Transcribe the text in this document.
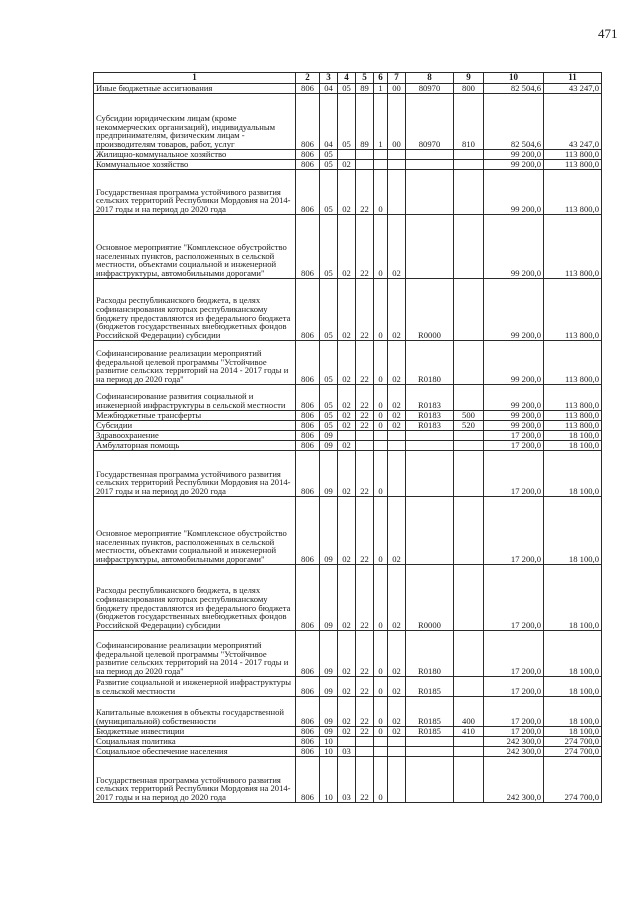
471
1	2	3	4	5	6	7	8	9	10	11
Иные бюджетные ассигнования	806	04	05	89	1	00	80970	800	82 504,6	43 247,0
Субсидии юридическим лицам (кроме некоммерческих организаций), индивидуальным предпринимателям, физическим лицам - производителям товаров, работ, услуг	806	04	05	89	1	00	80970	810	82 504,6	43 247,0
Жилищно-коммунальное хозяйство	806	05							99 200,0	113 800,0
Коммунальное хозяйство	806	05	02						99 200,0	113 800,0
Государственная программа устойчивого развития сельских территорий Республики Мордовия на 2014-2017 годы и на период до 2020 года	806	05	02	22	0				99 200,0	113 800,0
Основное мероприятие "Комплексное обустройство населенных пунктов, расположенных в сельской местности, объектами социальной и инженерной инфраструктуры, автомобильными дорогами"	806	05	02	22	0	02			99 200,0	113 800,0
Расходы республиканского бюджета, в целях софинансирования которых республиканскому бюджету предоставляются из федерального бюджета (бюджетов государственных внебюджетных фондов Российской Федерации) субсидии	806	05	02	22	0	02	R0000		99 200,0	113 800,0
Софинансирование реализации мероприятий федеральной целевой программы "Устойчивое развитие сельских территорий на 2014 - 2017 годы и на период до 2020 года"	806	05	02	22	0	02	R0180		99 200,0	113 800,0
Софинансирование развития социальной и инженерной инфраструктуры в сельской местности	806	05	02	22	0	02	R0183		99 200,0	113 800,0
Межбюджетные трансферты	806	05	02	22	0	02	R0183	500	99 200,0	113 800,0
Субсидии	806	05	02	22	0	02	R0183	520	99 200,0	113 800,0
Здравоохранение	806	09							17 200,0	18 100,0
Амбулаторная помощь	806	09	02						17 200,0	18 100,0
Государственная программа устойчивого развития сельских территорий Республики Мордовия на 2014-2017 годы и на период до 2020 года	806	09	02	22	0				17 200,0	18 100,0
Основное мероприятие "Комплексное обустройство населенных пунктов, расположенных в сельской местности, объектами социальной и инженерной инфраструктуры, автомобильными дорогами"	806	09	02	22	0	02			17 200,0	18 100,0
Расходы республиканского бюджета, в целях софинансирования которых республиканскому бюджету предоставляются из федерального бюджета (бюджетов государственных внебюджетных фондов Российской Федерации) субсидии	806	09	02	22	0	02	R0000		17 200,0	18 100,0
Софинансирование реализации мероприятий федеральной целевой программы "Устойчивое развитие сельских территорий на 2014 - 2017 годы и на период до 2020 года"	806	09	02	22	0	02	R0180		17 200,0	18 100,0
Развитие социальной и инженерной инфраструктуры в сельской местности	806	09	02	22	0	02	R0185		17 200,0	18 100,0
Капитальные вложения в объекты государственной (муниципальной) собственности	806	09	02	22	0	02	R0185	400	17 200,0	18 100,0
Бюджетные инвестиции	806	09	02	22	0	02	R0185	410	17 200,0	18 100,0
Социальная политика	806	10							242 300,0	274 700,0
Социальное обеспечение населения	806	10	03						242 300,0	274 700,0
Государственная программа устойчивого развития сельских территорий Республики Мордовия на 2014-2017 годы и на период до 2020 года	806	10	03	22	0				242 300,0	274 700,0
